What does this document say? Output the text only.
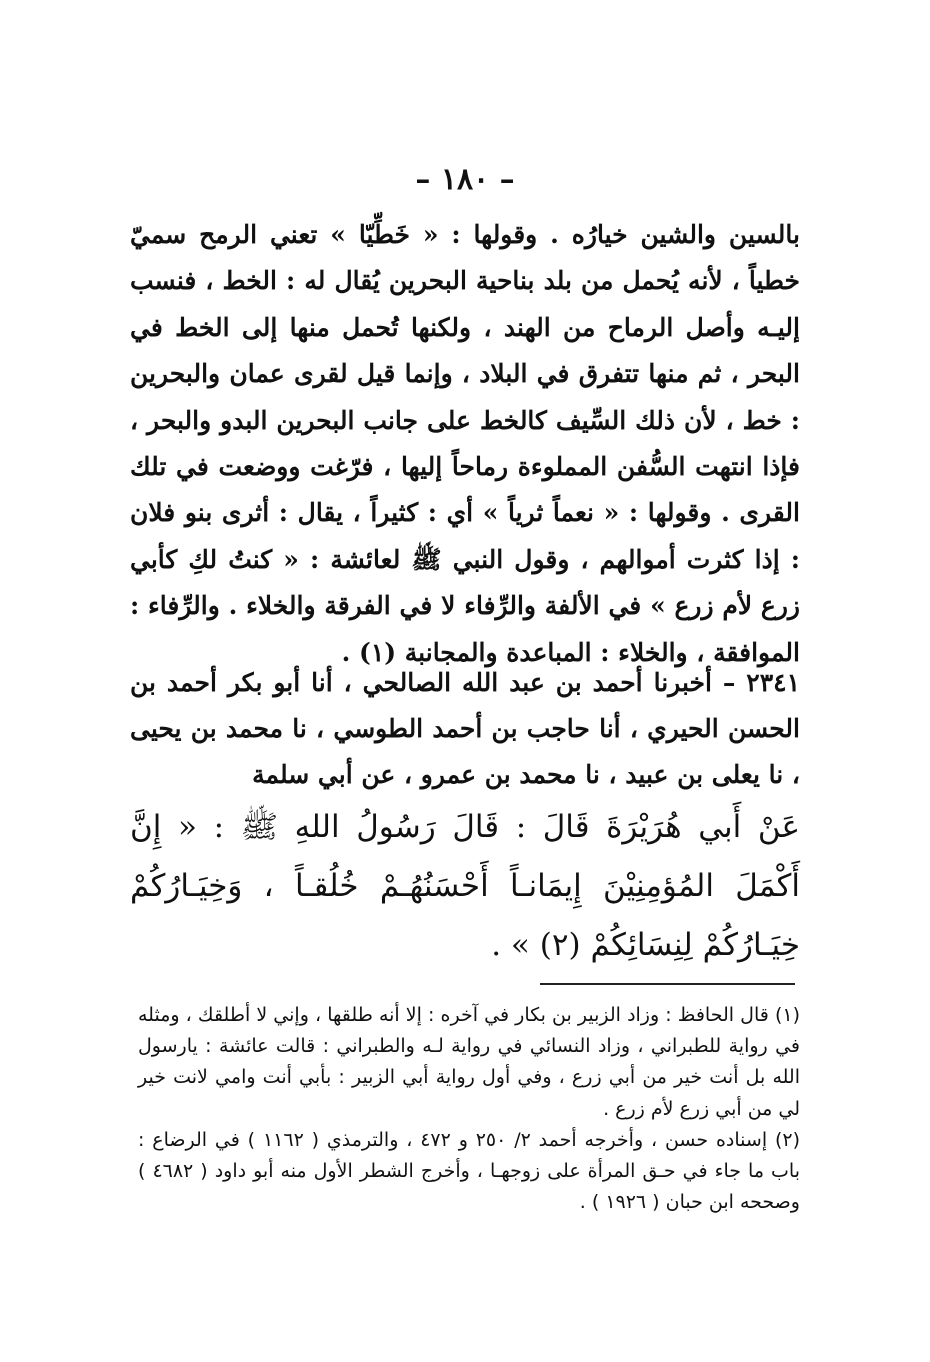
– ١٨٠ –

بالسين والشين خيارُه . وقولها : « خَطِّيّا » تعني الرمح سميّ خطياً ، لأنه يُحمل من بلد بناحية البحرين يُقال له : الخط ، فنسب إليـه وأصل الرماح من الهند ، ولكنها تُحمل منها إلى الخط في البحر ، ثم منها تتفرق في البلاد ، وإنما قيل لقرى عمان والبحرين : خط ، لأن ذلك السِّيف كالخط على جانب البحرين البدو والبحر ، فإذا انتهت السُّفن المملوءة رماحاً إليها ، فرّغت ووضعت في تلك القرى . وقولها : « نعماً ثرياً » أي : كثيراً ، يقال : أثرى بنو فلان : إذا كثرت أموالهم ، وقول النبي ﷺ لعائشة : « كنتُ لكِ كأبي زرع لأم زرع » في الألفة والرِّفاء لا في الفرقة والخلاء . والرِّفاء : الموافقة ، والخلاء : المباعدة والمجانبة (١) .

٢٣٤١ – أخبرنا أحمد بن عبد الله الصالحي ، أنا أبو بكر أحمد بن الحسن الحيري ، أنا حاجب بن أحمد الطوسي ، نا محمد بن يحيى ، نا يعلى بن عبيد ، نا محمد بن عمرو ، عن أبي سلمة

عَنْ أَبي هُرَيْرَةَ قَالَ : قَالَ رَسُولُ اللهِ ﷺ : « إِنَّ أَكْمَلَ المُؤمِنِيْنَ إِيمَانـاً أَحْسَنُهُـمْ خُلُقـاً ، وَخِيَـارُكُمْ خِيَـارُكُمْ لِنِسَائِكُمْ (٢) » .

(١) قال الحافظ : وزاد الزبير بن بكار في آخره : إلا أنه طلقها ، وإني لا أطلقك ، ومثله في رواية للطبراني ، وزاد النسائي في رواية لـه والطبراني : قالت عائشة : يارسول الله بل أنت خير من أبي زرع ، وفي أول رواية أبي الزبير : بأبي أنت وامي لانت خير لي من أبي زرع لأم زرع .

(٢) إسناده حسن ، وأخرجه أحمد ٢/ ٢٥٠ و ٤٧٢ ، والترمذي ( ١١٦٢ ) في الرضاع : باب ما جاء في حـق المرأة على زوجهـا ، وأخرج الشطر الأول منه أبو داود ( ٤٦٨٢ ) وصححه ابن حبان ( ١٩٢٦ ) .
